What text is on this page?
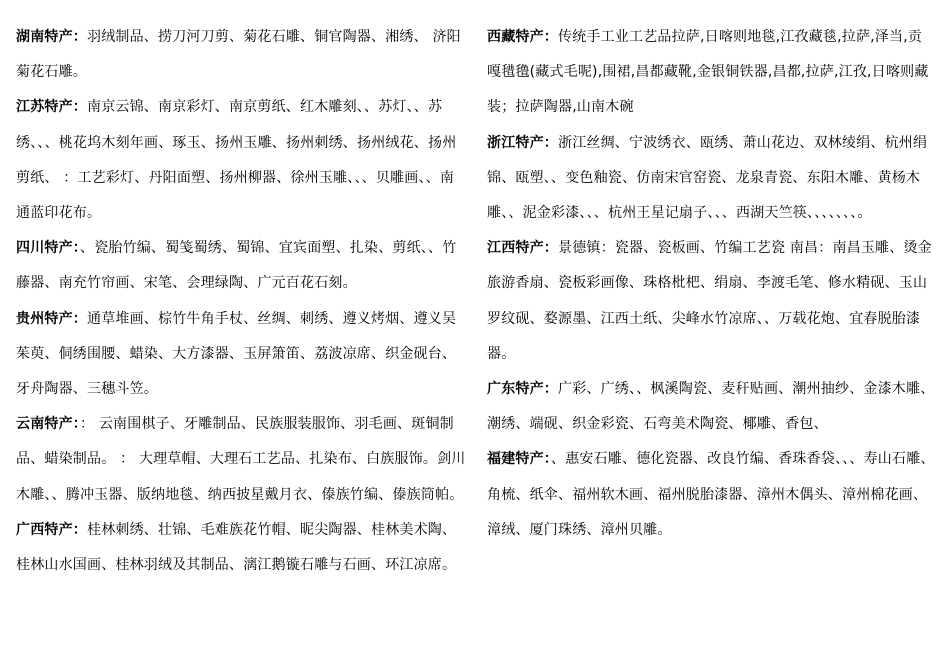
湖南特产：羽绒制品、捞刀河刀剪、菊花石雕、铜官陶器、湘绣、 济阳菊花石雕。

江苏特产：南京云锦、南京彩灯、南京剪纸、红木雕刻、、苏灯、、苏绣、、、桃花坞木刻年画、琢玉、扬州玉雕、扬州刺绣、扬州绒花、扬州剪纸、 ：工艺彩灯、丹阳面塑、扬州柳器、徐州玉雕、、、贝雕画、、南通蓝印花布。

四川特产：、瓷胎竹编、蜀笺蜀绣、蜀锦、宜宾面塑、扎染、剪纸、、竹藤器、南充竹帘画、宋笔、会理绿陶、广元百花石刻。

贵州特产：通草堆画、棕竹牛角手杖、丝绸、刺绣、遵义烤烟、遵义吴茱萸、侗绣围腰、蜡染、大方漆器、玉屏箫笛、荔波凉席、织金砚台、牙舟陶器、三穗斗笠。

云南特产：： 云南围棋子、牙雕制品、民族服装服饰、羽毛画、斑铜制品、蜡染制品。 ： 大理草帽、大理石工艺品、扎染布、白族服饰。剑川木雕、、腾冲玉器、版纳地毯、纳西披星戴月衣、傣族竹编、傣族筒帕。

广西特产：桂林刺绣、壮锦、毛难族花竹帽、昵尖陶器、桂林美术陶、桂林山水国画、桂林羽绒及其制品、漓江鹅镟石雕与石画、环江凉席。

西藏特产：传统手工业工艺品拉萨,日喀则地毯,江孜藏毯,拉萨,泽当,贡嘎氆氇(藏式毛呢),围裙,昌都藏靴,金银铜铁器,昌都,拉萨,江孜,日喀则藏装；拉萨陶器,山南木碗

浙江特产：浙江丝绸、宁波绣衣、瓯绣、萧山花边、双林绫绢、杭州绢锦、瓯塑、、变色釉瓷、仿南宋官窑瓷、龙泉青瓷、东阳木雕、黄杨木雕、、泥金彩漆、、、杭州王星记扇子、、、西湖天竺筷、、、、、、、。

江西特产：景德镇：瓷器、瓷板画、竹编工艺瓷 南昌：南昌玉雕、烫金旅游香扇、瓷板彩画像、珠格枇杷、绢扇、李渡毛笔、修水精砚、玉山罗纹砚、婺源墨、江西土纸、尖峰水竹凉席、、万载花炮、宜春脱胎漆器。

广东特产：广彩、广绣、、枫溪陶瓷、麦秆贴画、潮州抽纱、金漆木雕、潮绣、端砚、织金彩瓷、石弯美术陶瓷、椰雕、香包、

福建特产：、惠安石雕、德化瓷器、改良竹编、香珠香袋、、、寿山石雕、角梳、纸伞、福州软木画、福州脱胎漆器、漳州木偶头、漳州棉花画、漳绒、厦门珠绣、漳州贝雕。
